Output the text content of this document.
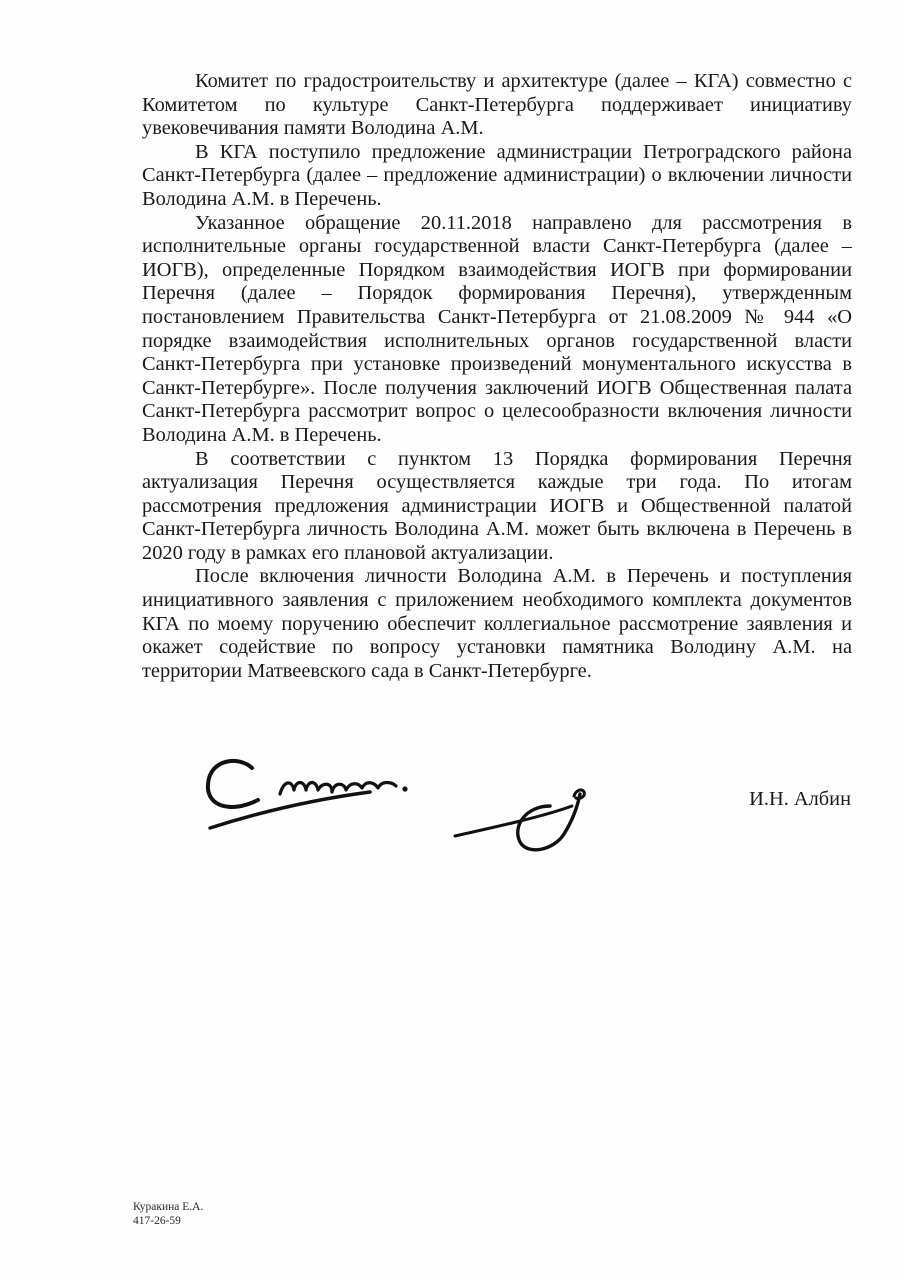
Комитет по градостроительству и архитектуре (далее – КГА) совместно с Комитетом по культуре Санкт-Петербурга поддерживает инициативу увековечивания памяти Володина А.М.

В КГА поступило предложение администрации Петроградского района Санкт-Петербурга (далее – предложение администрации) о включении личности Володина А.М. в Перечень.

Указанное обращение 20.11.2018 направлено для рассмотрения в исполнительные органы государственной власти Санкт-Петербурга (далее – ИОГВ), определенные Порядком взаимодействия ИОГВ при формировании Перечня (далее – Порядок формирования Перечня), утвержденным постановлением Правительства Санкт-Петербурга от 21.08.2009 № 944 «О порядке взаимодействия исполнительных органов государственной власти Санкт-Петербурга при установке произведений монументального искусства в Санкт-Петербурге». После получения заключений ИОГВ Общественная палата Санкт-Петербурга рассмотрит вопрос о целесообразности включения личности Володина А.М. в Перечень.

В соответствии с пунктом 13 Порядка формирования Перечня актуализация Перечня осуществляется каждые три года. По итогам рассмотрения предложения администрации ИОГВ и Общественной палатой Санкт-Петербурга личность Володина А.М. может быть включена в Перечень в 2020 году в рамках его плановой актуализации.

После включения личности Володина А.М. в Перечень и поступления инициативного заявления с приложением необходимого комплекта документов КГА по моему поручению обеспечит коллегиальное рассмотрение заявления и окажет содействие по вопросу установки памятника Володину А.М. на территории Матвеевского сада в Санкт-Петербурге.

И.Н. Албин
Куракина Е.А.
417-26-59
